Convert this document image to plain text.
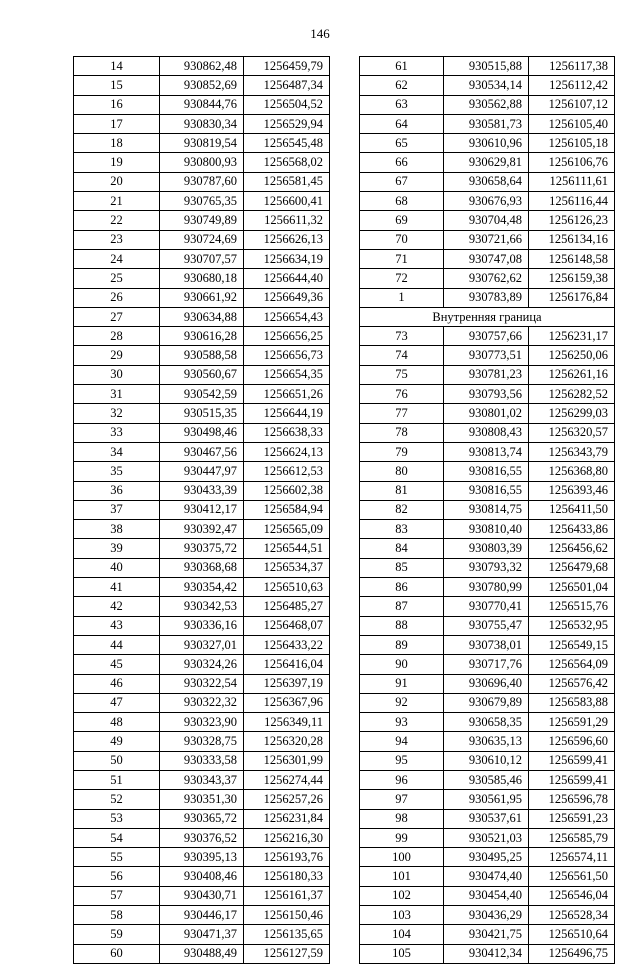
146
14	930862,48	1256459,79
15	930852,69	1256487,34
16	930844,76	1256504,52
17	930830,34	1256529,94
18	930819,54	1256545,48
19	930800,93	1256568,02
20	930787,60	1256581,45
21	930765,35	1256600,41
22	930749,89	1256611,32
23	930724,69	1256626,13
24	930707,57	1256634,19
25	930680,18	1256644,40
26	930661,92	1256649,36
27	930634,88	1256654,43
28	930616,28	1256656,25
29	930588,58	1256656,73
30	930560,67	1256654,35
31	930542,59	1256651,26
32	930515,35	1256644,19
33	930498,46	1256638,33
34	930467,56	1256624,13
35	930447,97	1256612,53
36	930433,39	1256602,38
37	930412,17	1256584,94
38	930392,47	1256565,09
39	930375,72	1256544,51
40	930368,68	1256534,37
41	930354,42	1256510,63
42	930342,53	1256485,27
43	930336,16	1256468,07
44	930327,01	1256433,22
45	930324,26	1256416,04
46	930322,54	1256397,19
47	930322,32	1256367,96
48	930323,90	1256349,11
49	930328,75	1256320,28
50	930333,58	1256301,99
51	930343,37	1256274,44
52	930351,30	1256257,26
53	930365,72	1256231,84
54	930376,52	1256216,30
55	930395,13	1256193,76
56	930408,46	1256180,33
57	930430,71	1256161,37
58	930446,17	1256150,46
59	930471,37	1256135,65
60	930488,49	1256127,59
61	930515,88	1256117,38
62	930534,14	1256112,42
63	930562,88	1256107,12
64	930581,73	1256105,40
65	930610,96	1256105,18
66	930629,81	1256106,76
67	930658,64	1256111,61
68	930676,93	1256116,44
69	930704,48	1256126,23
70	930721,66	1256134,16
71	930747,08	1256148,58
72	930762,62	1256159,38
1	930783,89	1256176,84
Внутренняя граница		
73	930757,66	1256231,17
74	930773,51	1256250,06
75	930781,23	1256261,16
76	930793,56	1256282,52
77	930801,02	1256299,03
78	930808,43	1256320,57
79	930813,74	1256343,79
80	930816,55	1256368,80
81	930816,55	1256393,46
82	930814,75	1256411,50
83	930810,40	1256433,86
84	930803,39	1256456,62
85	930793,32	1256479,68
86	930780,99	1256501,04
87	930770,41	1256515,76
88	930755,47	1256532,95
89	930738,01	1256549,15
90	930717,76	1256564,09
91	930696,40	1256576,42
92	930679,89	1256583,88
93	930658,35	1256591,29
94	930635,13	1256596,60
95	930610,12	1256599,41
96	930585,46	1256599,41
97	930561,95	1256596,78
98	930537,61	1256591,23
99	930521,03	1256585,79
100	930495,25	1256574,11
101	930474,40	1256561,50
102	930454,40	1256546,04
103	930436,29	1256528,34
104	930421,75	1256510,64
105	930412,34	1256496,75
